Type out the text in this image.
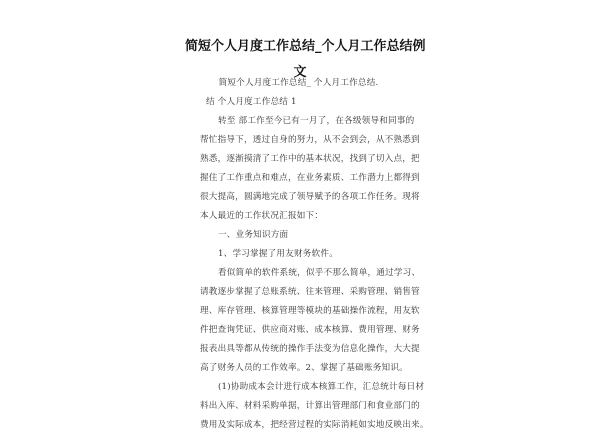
简短个人月度工作总结_个人月工作总结例
文
简短个人月度工作总结_ 个人月工作总结.
结 个人月度工作总结 1
转至 部工作至今已有一月了，在各级领导和同事的
帮忙指导下，透过自身的努力，从不会到会，从不熟悉到
熟悉，逐渐摸清了工作中的基本状况，找到了切入点，把
握住了工作重点和难点，在业务素质、工作潜力上都得到
很大提高，圆满地完成了领导赋予的各项工作任务。现将
本人最近的工作状况汇报如下：
一、业务知识方面
1、学习掌握了用友财务软件。
看似简单的软件系统，似乎不那么简单，通过学习、
请教逐步掌握了总账系统、往来管理、采购管理、销售管
理、库存管理、核算管理等模块的基础操作流程，用友软
件把查询凭证、供应商对账、成本核算、费用管理、财务
报表出具等都从传统的操作手法变为信息化操作，大大提
高了财务人员的工作效率。2、掌握了基础账务知识。
(1)协助成本会计进行成本核算工作，汇总统计每日材
料出入库、材料采购单据，计算出管理部门和食业部门的
费用及实际成本，把经营过程的实际消耗如实地反映出来。
